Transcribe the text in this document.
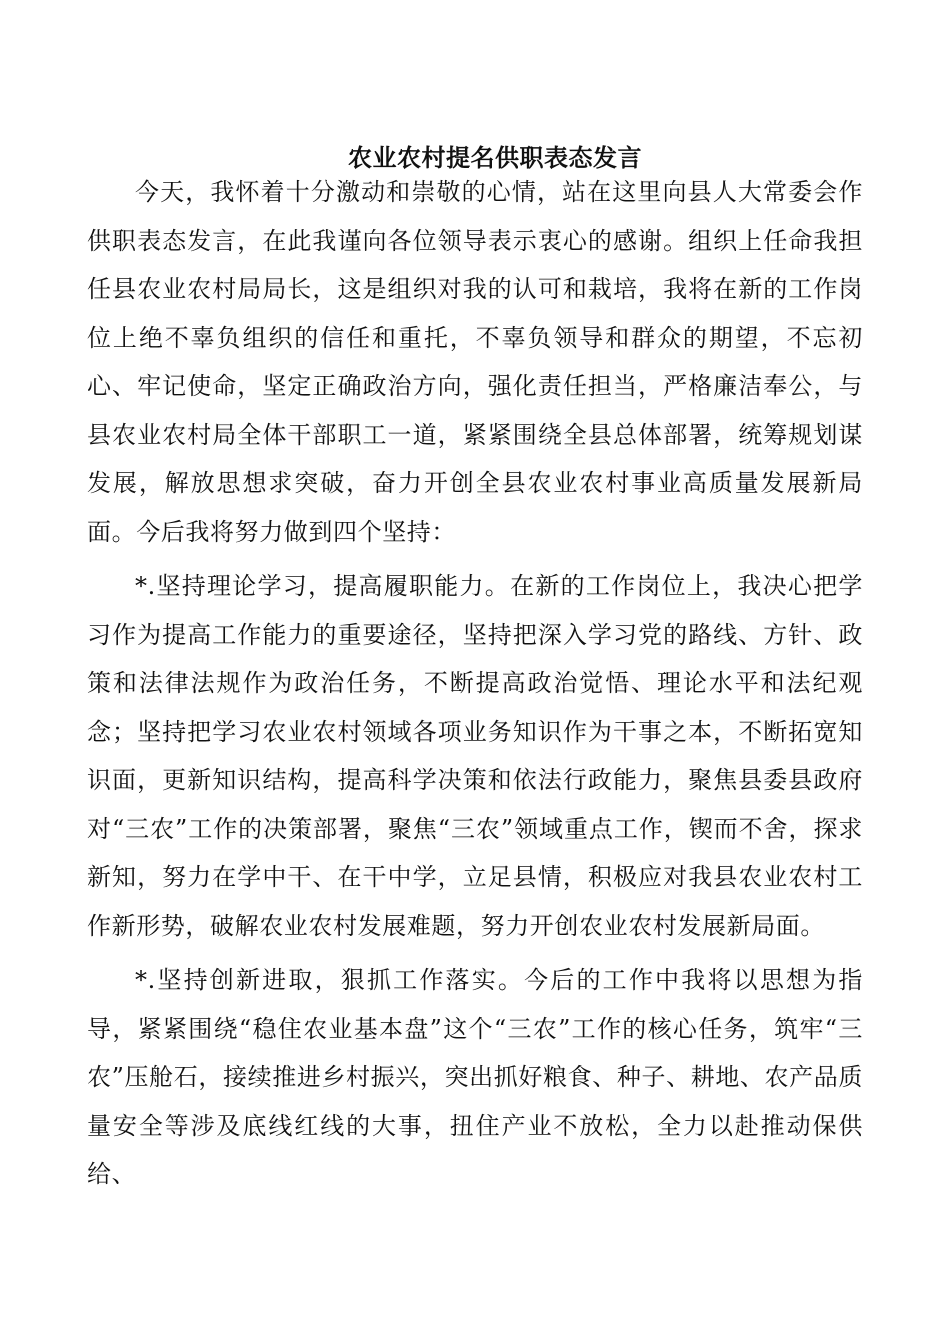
农业农村提名供职表态发言

今天，我怀着十分激动和崇敬的心情，站在这里向县人大常委会作供职表态发言，在此我谨向各位领导表示衷心的感谢。组织上任命我担任县农业农村局局长，这是组织对我的认可和栽培，我将在新的工作岗位上绝不辜负组织的信任和重托，不辜负领导和群众的期望，不忘初心、牢记使命，坚定正确政治方向，强化责任担当，严格廉洁奉公，与县农业农村局全体干部职工一道，紧紧围绕全县总体部署，统筹规划谋发展，解放思想求突破，奋力开创全县农业农村事业高质量发展新局面。今后我将努力做到四个坚持：

*.坚持理论学习，提高履职能力。在新的工作岗位上，我决心把学习作为提高工作能力的重要途径，坚持把深入学习党的路线、方针、政策和法律法规作为政治任务，不断提高政治觉悟、理论水平和法纪观念；坚持把学习农业农村领域各项业务知识作为干事之本，不断拓宽知识面，更新知识结构，提高科学决策和依法行政能力，聚焦县委县政府对“三农”工作的决策部署，聚焦“三农”领域重点工作，锲而不舍，探求新知，努力在学中干、在干中学，立足县情，积极应对我县农业农村工作新形势，破解农业农村发展难题，努力开创农业农村发展新局面。

*.坚持创新进取，狠抓工作落实。今后的工作中我将以思想为指导，紧紧围绕“稳住农业基本盘”这个“三农”工作的核心任务，筑牢“三农”压舱石，接续推进乡村振兴，突出抓好粮食、种子、耕地、农产品质量安全等涉及底线红线的大事，扭住产业不放松，全力以赴推动保供给、
